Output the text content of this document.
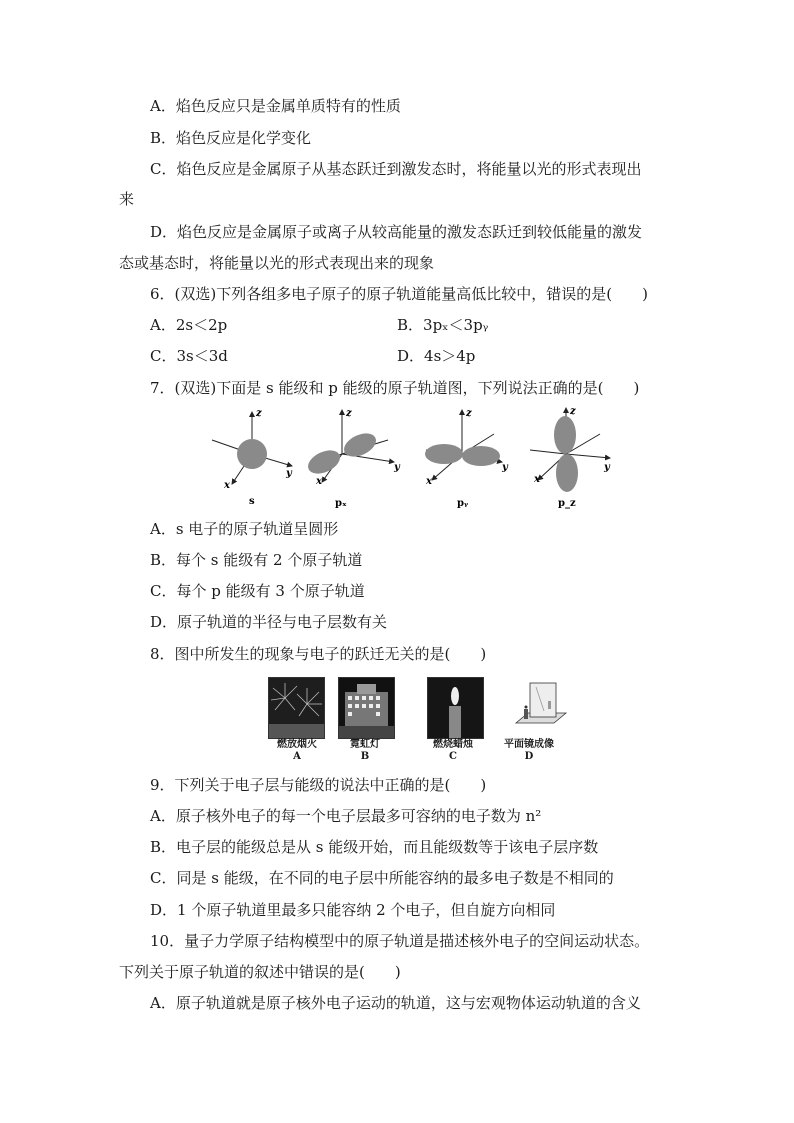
A．焰色反应只是金属单质特有的性质
B．焰色反应是化学变化
C．焰色反应是金属原子从基态跃迁到激发态时，将能量以光的形式表现出
来
D．焰色反应是金属原子或离子从较高能量的激发态跃迁到较低能量的激发
态或基态时，将能量以光的形式表现出来的现象
6．(双选)下列各组多电子原子的原子轨道能量高低比较中，错误的是(　　)
A．2s＜2p	B．3pₓ＜3pᵧ
C．3s＜3d	D．4s＞4p
7．(双选)下面是 s 能级和 p 能级的原子轨道图，下列说法正确的是(　　)
z
y
x
z
y
x
z
y
x
z
y
x
s	pₓ	pᵧ	p_z
A．s 电子的原子轨道呈圆形
B．每个 s 能级有 2 个原子轨道
C．每个 p 能级有 3 个原子轨道
D．原子轨道的半径与电子层数有关
8．图中所发生的现象与电子的跃迁无关的是(　　)
燃放烟火
A
霓虹灯
B
燃烧蜡烛
C
平面镜成像
D
9．下列关于电子层与能级的说法中正确的是(　　)
A．原子核外电子的每一个电子层最多可容纳的电子数为 n²
B．电子层的能级总是从 s 能级开始，而且能级数等于该电子层序数
C．同是 s 能级，在不同的电子层中所能容纳的最多电子数是不相同的
D．1 个原子轨道里最多只能容纳 2 个电子，但自旋方向相同
10．量子力学原子结构模型中的原子轨道是描述核外电子的空间运动状态。
下列关于原子轨道的叙述中错误的是(　　)
A．原子轨道就是原子核外电子运动的轨道，这与宏观物体运动轨道的含义
